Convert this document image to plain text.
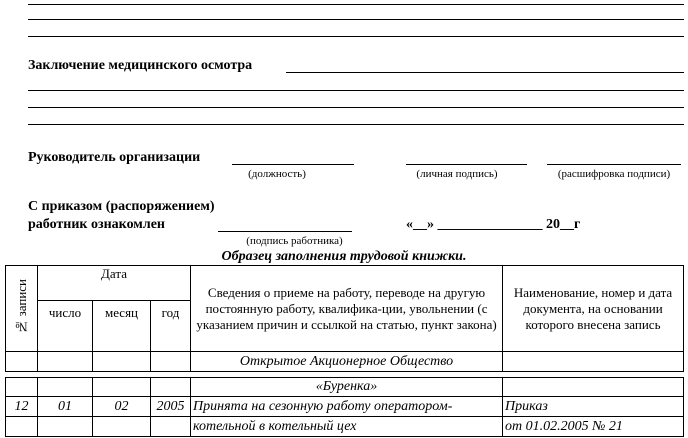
Заключение медицинского осмотра
Руководитель организации
(должность)	(личная подпись)	(расшифровка подписи)
С приказом (распоряжением)
работник ознакомлен	«__» _______________ 20__г
(подпись работника)
Образец заполнения трудовой книжки.
№ записи	Дата			Сведения о приеме на работу, переводе на другую постоянную работу, квалифика-ции, увольнении (с указанием причин и ссылкой на статью, пункт закона)	Наименование, номер и дата документа, на основании которого внесена запись
	число	месяц	год		
				Открытое Акционерное Общество	

				«Буренка»	
12	01	02	2005	Принята на сезонную работу оператором-	Приказ
				котельной в котельный цех	от 01.02.2005 № 21
